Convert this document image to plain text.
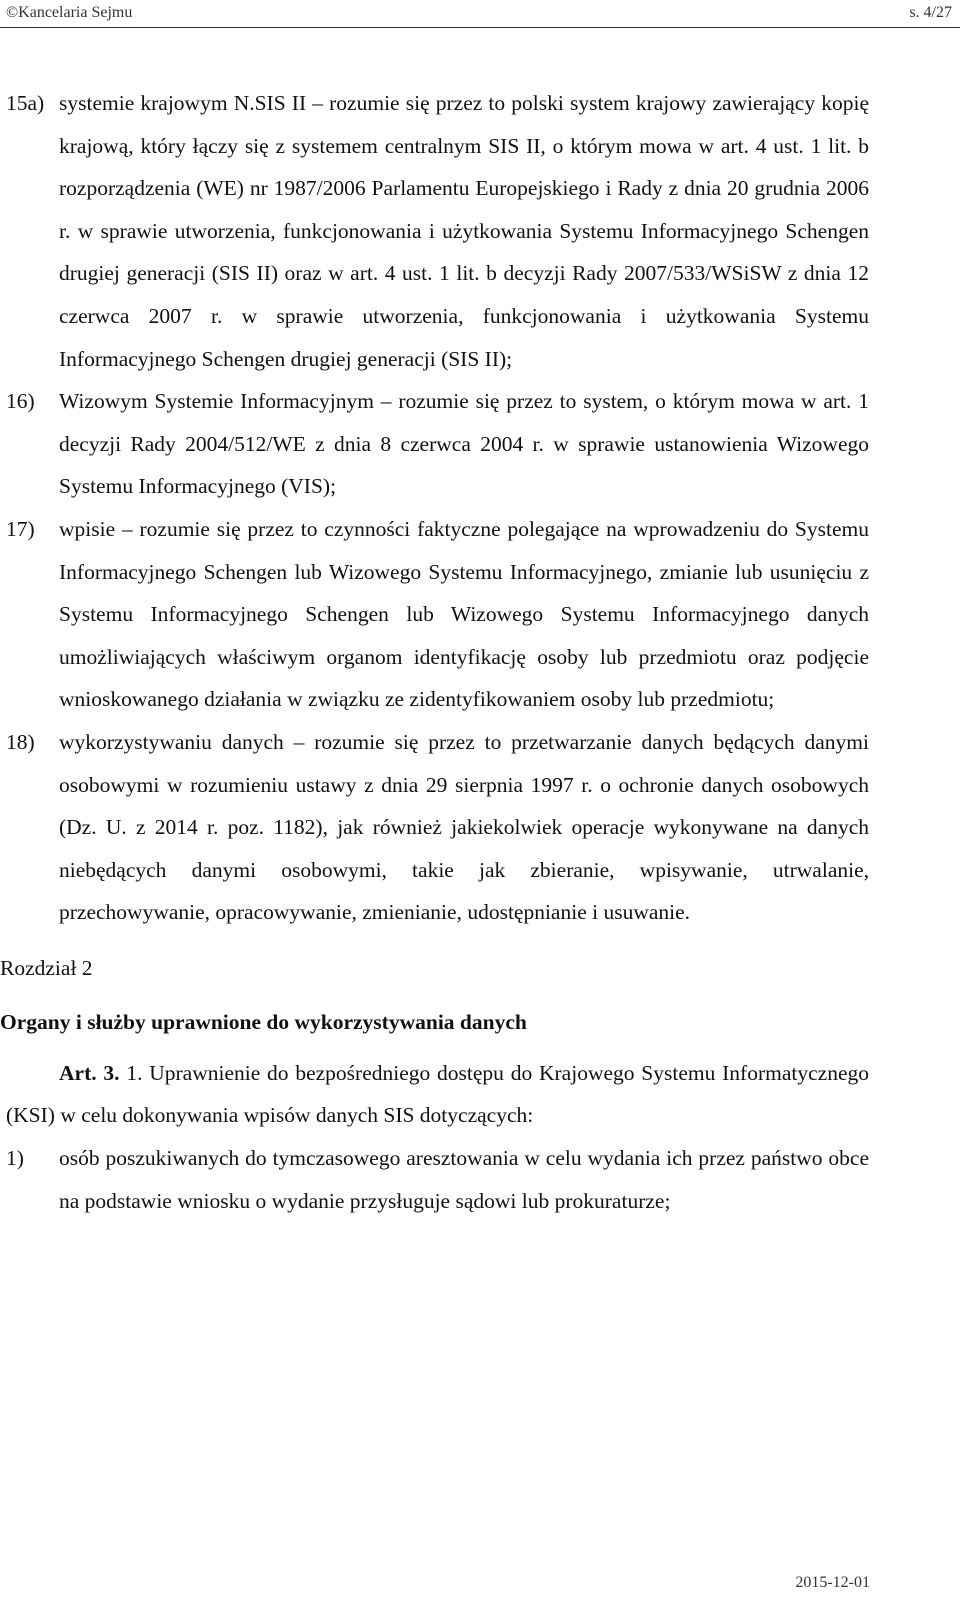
©Kancelaria Sejmu	s. 4/27

15a) systemie krajowym N.SIS II – rozumie się przez to polski system krajowy zawierający kopię krajową, który łączy się z systemem centralnym SIS II, o którym mowa w art. 4 ust. 1 lit. b rozporządzenia (WE) nr 1987/2006 Parlamentu Europejskiego i Rady z dnia 20 grudnia 2006 r. w sprawie utworzenia, funkcjonowania i użytkowania Systemu Informacyjnego Schengen drugiej generacji (SIS II) oraz w art. 4 ust. 1 lit. b decyzji Rady 2007/533/WSiSW z dnia 12 czerwca 2007 r. w sprawie utworzenia, funkcjonowania i użytkowania Systemu Informacyjnego Schengen drugiej generacji (SIS II);

16) Wizowym Systemie Informacyjnym – rozumie się przez to system, o którym mowa w art. 1 decyzji Rady 2004/512/WE z dnia 8 czerwca 2004 r. w sprawie ustanowienia Wizowego Systemu Informacyjnego (VIS);

17) wpisie – rozumie się przez to czynności faktyczne polegające na wprowadzeniu do Systemu Informacyjnego Schengen lub Wizowego Systemu Informacyjnego, zmianie lub usunięciu z Systemu Informacyjnego Schengen lub Wizowego Systemu Informacyjnego danych umożliwiających właściwym organom identyfikację osoby lub przedmiotu oraz podjęcie wnioskowanego działania w związku ze zidentyfikowaniem osoby lub przedmiotu;

18) wykorzystywaniu danych – rozumie się przez to przetwarzanie danych będących danymi osobowymi w rozumieniu ustawy z dnia 29 sierpnia 1997 r. o ochronie danych osobowych (Dz. U. z 2014 r. poz. 1182), jak również jakiekolwiek operacje wykonywane na danych niebędących danymi osobowymi, takie jak zbieranie, wpisywanie, utrwalanie, przechowywanie, opracowywanie, zmienianie, udostępnianie i usuwanie.

Rozdział 2

Organy i służby uprawnione do wykorzystywania danych

Art. 3. 1. Uprawnienie do bezpośredniego dostępu do Krajowego Systemu Informatycznego (KSI) w celu dokonywania wpisów danych SIS dotyczących:

1) osób poszukiwanych do tymczasowego aresztowania w celu wydania ich przez państwo obce na podstawie wniosku o wydanie przysługuje sądowi lub prokuraturze;

2015-12-01
